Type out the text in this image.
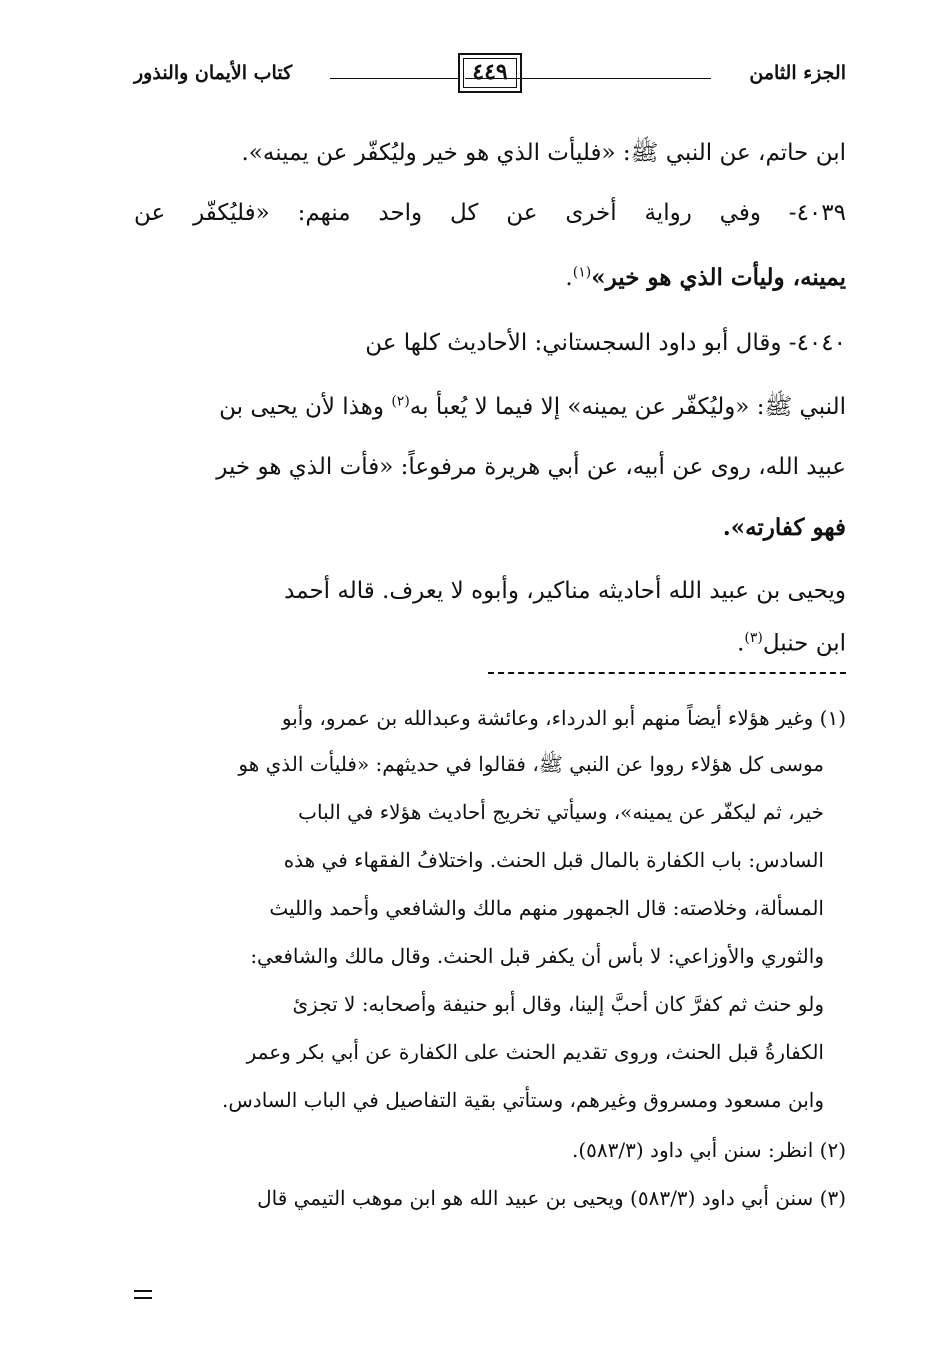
الجزء الثامن
٤٤٩
كتاب الأيمان والنذور
ابن حاتم، عن النبي ﷺ: «فليأت الذي هو خير وليُكفّر عن يمينه».
٤٠٣٩- وفي رواية أخرى عن كل واحد منهم: «فليُكفّر عن
يمينه، وليأت الذي هو خير»$^{(١)}$.
٤٠٤٠- وقال أبو داود السجستاني: الأحاديث كلها عن
النبي ﷺ: «وليُكفّر عن يمينه» إلا فيما لا يُعبأ به$^{(٢)}$ وهذا لأن يحيى بن
عبيد الله، روى عن أبيه، عن أبي هريرة مرفوعاً: «فأت الذي هو خير
فهو كفارته».
ويحيى بن عبيد الله أحاديثه مناكير، وأبوه لا يعرف. قاله أحمد
ابن حنبل$^{(٣)}$.
(١) وغير هؤلاء أيضاً منهم أبو الدرداء، وعائشة وعبدالله بن عمرو، وأبو
موسى كل هؤلاء رووا عن النبي ﷺ، فقالوا في حديثهم: «فليأت الذي هو
خير، ثم ليكفّر عن يمينه»، وسيأتي تخريج أحاديث هؤلاء في الباب
السادس: باب الكفارة بالمال قبل الحنث. واختلافُ الفقهاء في هذه
المسألة، وخلاصته: قال الجمهور منهم مالك والشافعي وأحمد والليث
والثوري والأوزاعي: لا بأس أن يكفر قبل الحنث. وقال مالك والشافعي:
ولو حنث ثم كفرَّ كان أحبَّ إلينا، وقال أبو حنيفة وأصحابه: لا تجزئ
الكفارةُ قبل الحنث، وروى تقديم الحنث على الكفارة عن أبي بكر وعمر
وابن مسعود ومسروق وغيرهم، وستأتي بقية التفاصيل في الباب السادس.
(٢) انظر: سنن أبي داود (٥٨٣/٣).
(٣) سنن أبي داود (٥٨٣/٣) ويحيى بن عبيد الله هو ابن موهب التيمي قال
